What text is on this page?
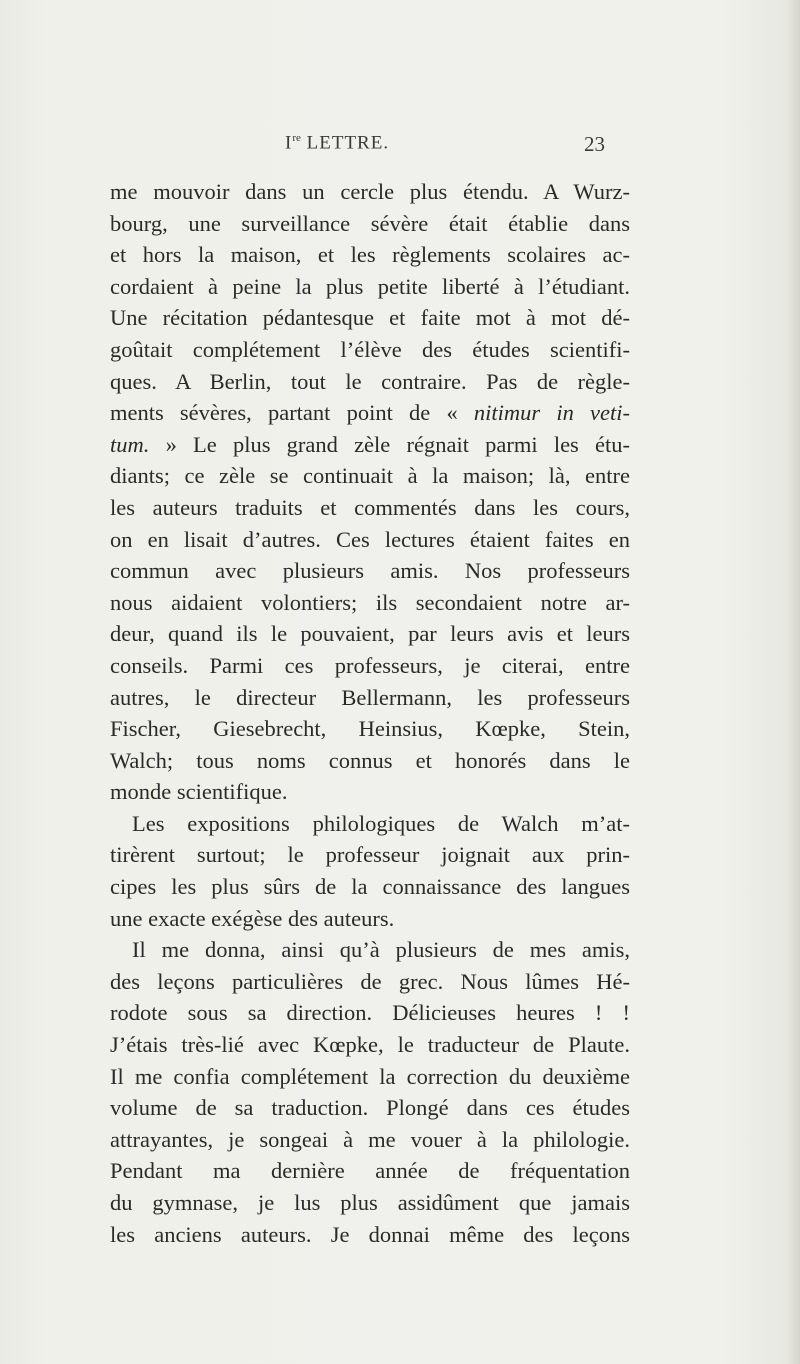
Ire LETTRE.	23
me mouvoir dans un cercle plus étendu. A Wurz-
bourg, une surveillance sévère était établie dans
et hors la maison, et les règlements scolaires ac-
cordaient à peine la plus petite liberté à l’étudiant.
Une récitation pédantesque et faite mot à mot dé-
goûtait complétement l’élève des études scientifi-
ques. A Berlin, tout le contraire. Pas de règle-
ments sévères, partant point de « nitimur in veti-
tum. » Le plus grand zèle régnait parmi les étu-
diants; ce zèle se continuait à la maison; là, entre
les auteurs traduits et commentés dans les cours,
on en lisait d’autres. Ces lectures étaient faites en
commun avec plusieurs amis. Nos professeurs
nous aidaient volontiers; ils secondaient notre ar-
deur, quand ils le pouvaient, par leurs avis et leurs
conseils. Parmi ces professeurs, je citerai, entre
autres, le directeur Bellermann, les professeurs
Fischer, Giesebrecht, Heinsius, Kœpke, Stein,
Walch; tous noms connus et honorés dans le
monde scientifique.
Les expositions philologiques de Walch m’at-
tirèrent surtout; le professeur joignait aux prin-
cipes les plus sûrs de la connaissance des langues
une exacte exégèse des auteurs.
Il me donna, ainsi qu’à plusieurs de mes amis,
des leçons particulières de grec. Nous lûmes Hé-
rodote sous sa direction. Délicieuses heures ! !
J’étais très-lié avec Kœpke, le traducteur de Plaute.
Il me confia complétement la correction du deuxième
volume de sa traduction. Plongé dans ces études
attrayantes, je songeai à me vouer à la philologie.
Pendant ma dernière année de fréquentation
du gymnase, je lus plus assidûment que jamais
les anciens auteurs. Je donnai même des leçons
